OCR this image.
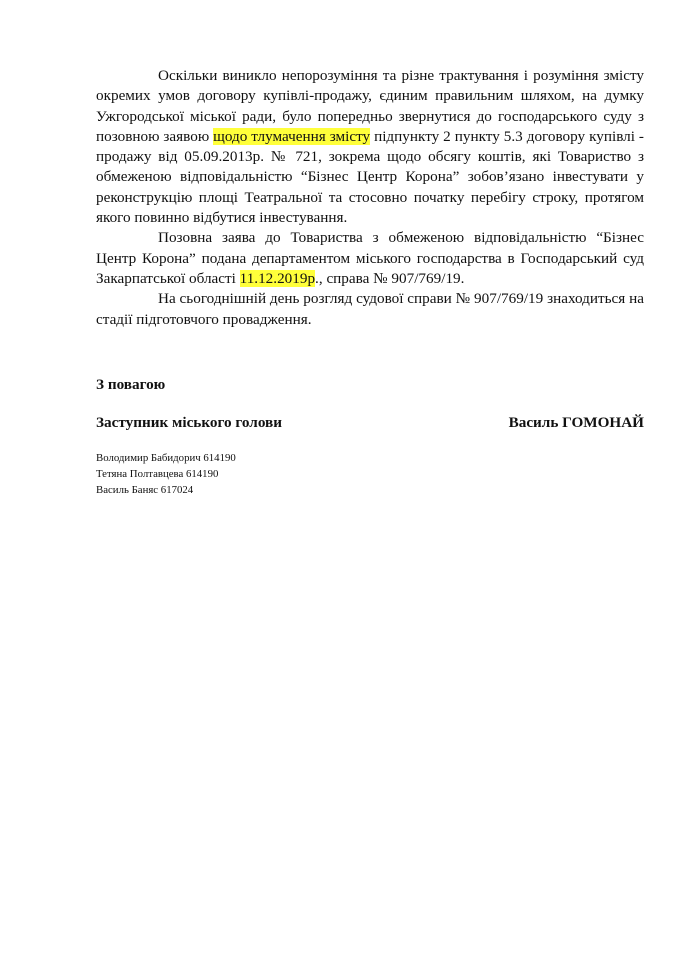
Оскільки виникло непорозуміння та різне трактування і розуміння змісту окремих умов договору купівлі-продажу, єдиним правильним шляхом, на думку Ужгородської міської ради, було попередньо звернутися до господарського суду з позовною заявою щодо тлумачення змісту підпункту 2 пункту 5.3 договору купівлі - продажу від 05.09.2013р. № 721, зокрема щодо обсягу коштів, які Товариство з обмеженою відповідальністю “Бізнес Центр Корона” зобов’язано інвестувати у реконструкцію площі Театральної та стосовно початку перебігу строку, протягом якого повинно відбутися інвестування.

Позовна заява до Товариства з обмеженою відповідальністю “Бізнес Центр Корона” подана департаментом міського господарства в Господарський суд Закарпатської області 11.12.2019р., справа № 907/769/19.

На сьогоднішній день розгляд судової справи № 907/769/19 знаходиться на стадії підготовчого провадження.

З повагою

Заступник міського голови	Василь ГОМОНАЙ
Володимир Бабидорич 614190
Тетяна Полтавцева 614190
Василь Баняс 617024
